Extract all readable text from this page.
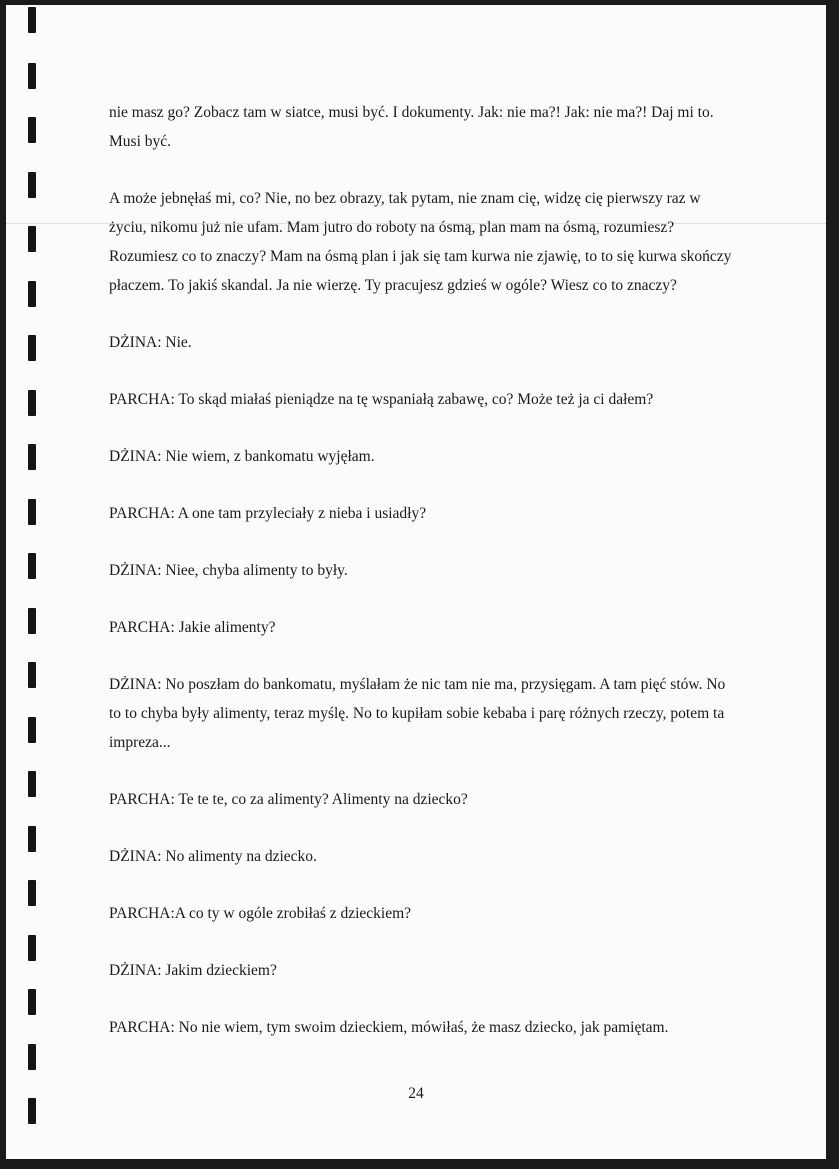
nie masz go? Zobacz tam w siatce, musi być. I dokumenty. Jak: nie ma?! Jak: nie ma?! Daj mi to. Musi być.

A może jebnęłaś mi, co? Nie, no bez obrazy, tak pytam, nie znam cię, widzę cię pierwszy raz w życiu, nikomu już nie ufam. Mam jutro do roboty na ósmą, plan mam na ósmą, rozumiesz? Rozumiesz co to znaczy? Mam na ósmą plan i jak się tam kurwa nie zjawię, to to się kurwa skończy płaczem. To jakiś skandal. Ja nie wierzę. Ty pracujesz gdzieś w ogóle? Wiesz co to znaczy?

DŻINA: Nie.

PARCHA: To skąd miałaś pieniądze na tę wspaniałą zabawę, co? Może też ja ci dałem?

DŻINA: Nie wiem, z bankomatu wyjęłam.

PARCHA: A one tam przyleciały z nieba i usiadły?

DŻINA: Niee, chyba alimenty to były.

PARCHA: Jakie alimenty?

DŻINA: No poszłam do bankomatu, myślałam że nic tam nie ma, przysięgam. A tam pięć stów. No to to chyba były alimenty, teraz myślę. No to kupiłam sobie kebaba i parę różnych rzeczy, potem ta impreza...

PARCHA: Te te te, co za alimenty? Alimenty na dziecko?

DŻINA: No alimenty na dziecko.

PARCHA:A co ty w ogóle zrobiłaś z dzieckiem?

DŻINA: Jakim dzieckiem?

PARCHA: No nie wiem, tym swoim dzieckiem, mówiłaś, że masz dziecko, jak pamiętam.

24
